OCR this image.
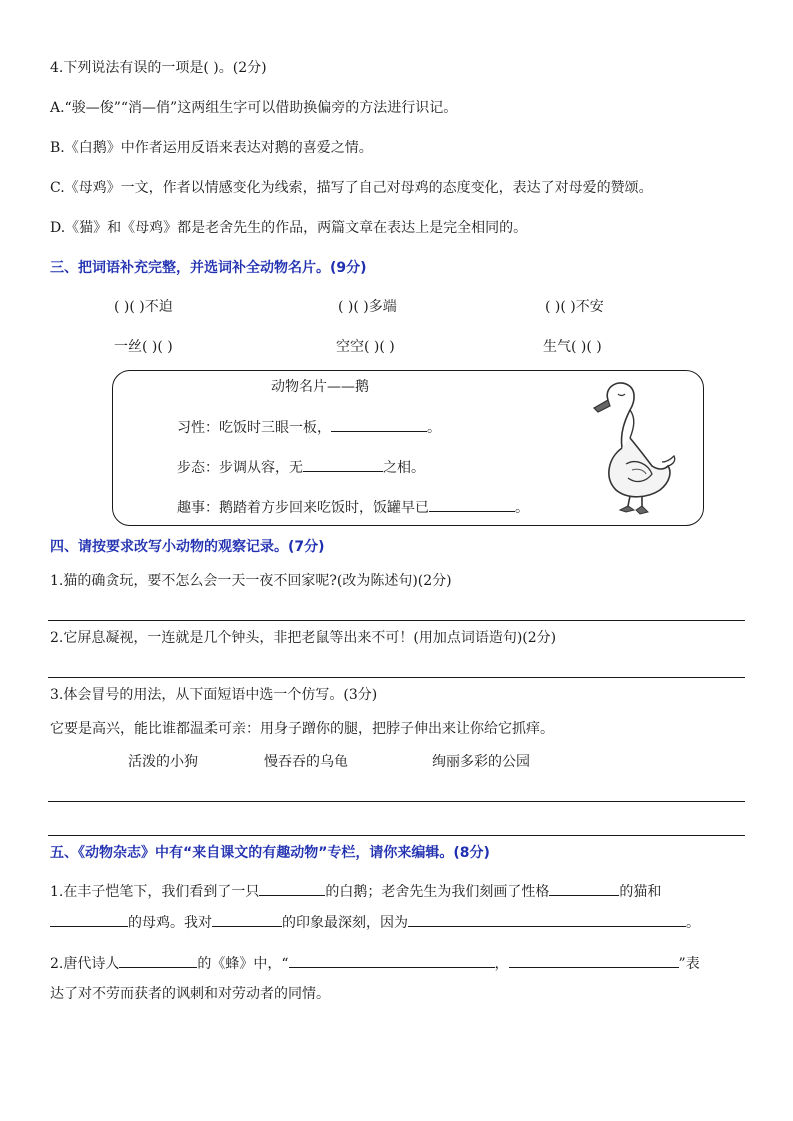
4.下列说法有误的一项是( )。(2分)
A.“骏—俊”“消—俏”这两组生字可以借助换偏旁的方法进行识记。
B.《白鹅》中作者运用反语来表达对鹅的喜爱之情。
C.《母鸡》一文，作者以情感变化为线索，描写了自己对母鸡的态度变化，表达了对母爱的赞颂。
D.《猫》和《母鸡》都是老舍先生的作品，两篇文章在表达上是完全相同的。
三、把词语补充完整，并选词补全动物名片。(9分)
( )( )不迫	( )( )多端	( )( )不安
一丝( )( )	空空( )( )	生气( )( )
动物名片——鹅
习性：吃饭时三眼一板，	。
步态：步调从容，无	之相。
趣事：鹅踏着方步回来吃饭时，饭罐早已	。
四、请按要求改写小动物的观察记录。(7分)
1.猫的确贪玩，要不怎么会一天一夜不回家呢?(改为陈述句)(2分)
2.它屏息凝视，一连就是几个钟头，非把老鼠等出来不可！(用加点词语造句)(2分)
3.体会冒号的用法，从下面短语中选一个仿写。(3分)
它要是高兴，能比谁都温柔可亲：用身子蹭你的腿，把脖子伸出来让你给它抓痒。
活泼的小狗	慢吞吞的乌龟	绚丽多彩的公园
五、《动物杂志》中有“来自课文的有趣动物”专栏，请你来编辑。(8分)
1.在丰子恺笔下，我们看到了一只	的白鹅；老舍先生为我们刻画了性格	的猫和
的母鸡。我对	的印象最深刻，因为	。
2.唐代诗人	的《蜂》中，“	，	”表
达了对不劳而获者的讽刺和对劳动者的同情。
